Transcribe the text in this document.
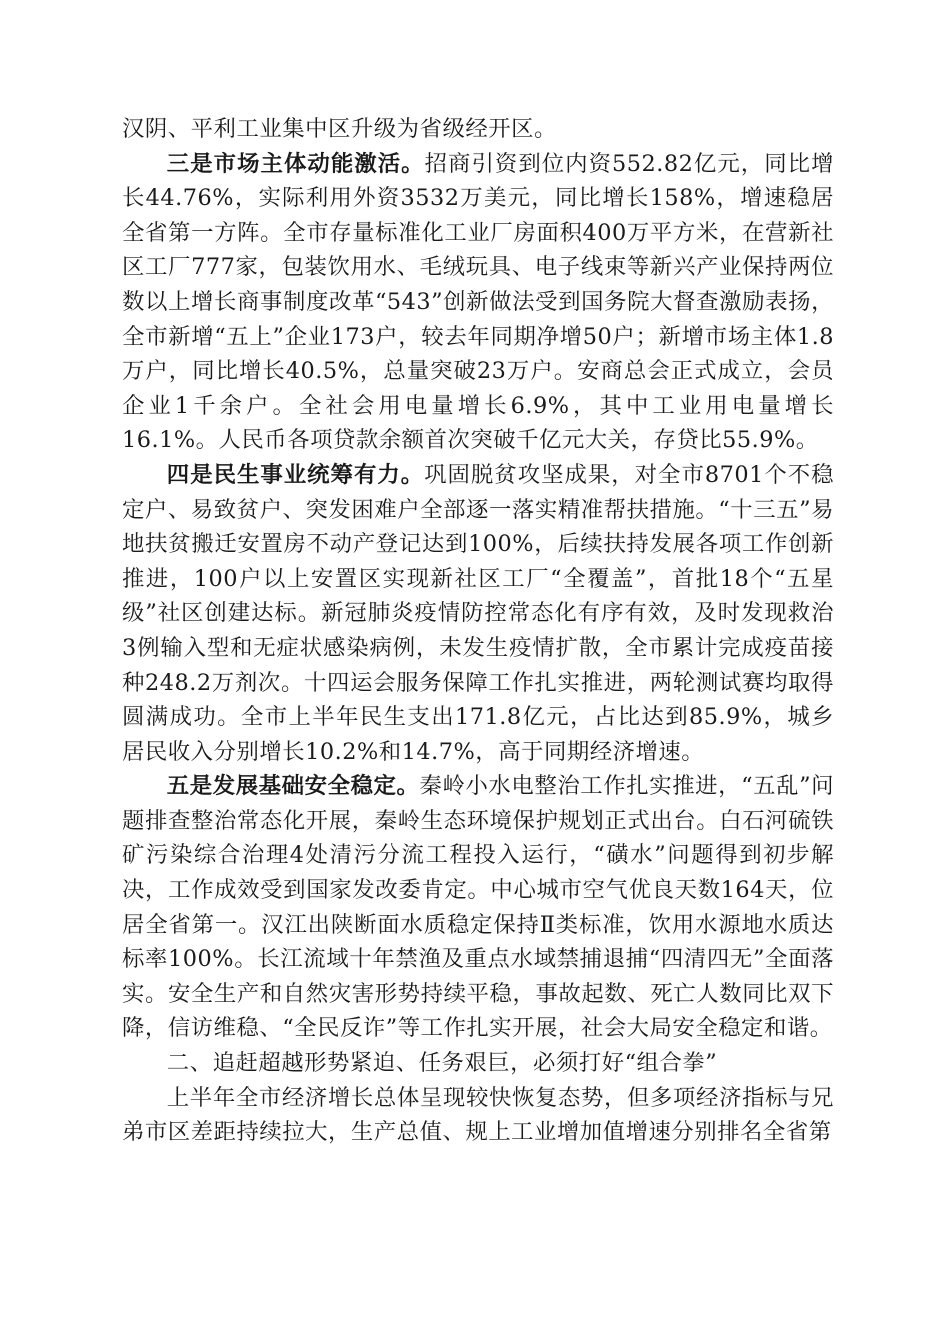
汉阴、平利工业集中区升级为省级经开区。

三是市场主体动能激活。招商引资到位内资552.82亿元，同比增长44.76%，实际利用外资3532万美元，同比增长158%，增速稳居全省第一方阵。全市存量标准化工业厂房面积400万平方米，在营新社区工厂777家，包装饮用水、毛绒玩具、电子线束等新兴产业保持两位数以上增长商事制度改革“543”创新做法受到国务院大督查激励表扬，全市新增“五上”企业173户，较去年同期净增50户；新增市场主体1.8万户，同比增长40.5%，总量突破23万户。安商总会正式成立，会员企业1千余户。全社会用电量增长6.9%，其中工业用电量增长16.1%。人民币各项贷款余额首次突破千亿元大关，存贷比55.9%。

四是民生事业统筹有力。巩固脱贫攻坚成果，对全市8701个不稳定户、易致贫户、突发困难户全部逐一落实精准帮扶措施。“十三五”易地扶贫搬迁安置房不动产登记达到100%，后续扶持发展各项工作创新推进，100户以上安置区实现新社区工厂“全覆盖”，首批18个“五星级”社区创建达标。新冠肺炎疫情防控常态化有序有效，及时发现救治3例输入型和无症状感染病例，未发生疫情扩散，全市累计完成疫苗接种248.2万剂次。十四运会服务保障工作扎实推进，两轮测试赛均取得圆满成功。全市上半年民生支出171.8亿元，占比达到85.9%，城乡居民收入分别增长10.2%和14.7%，高于同期经济增速。

五是发展基础安全稳定。秦岭小水电整治工作扎实推进，“五乱”问题排查整治常态化开展，秦岭生态环境保护规划正式出台。白石河硫铁矿污染综合治理4处清污分流工程投入运行，“磺水”问题得到初步解决，工作成效受到国家发改委肯定。中心城市空气优良天数164天，位居全省第一。汉江出陕断面水质稳定保持Ⅱ类标准，饮用水源地水质达标率100%。长江流域十年禁渔及重点水域禁捕退捕“四清四无”全面落实。安全生产和自然灾害形势持续平稳，事故起数、死亡人数同比双下降，信访维稳、“全民反诈”等工作扎实开展，社会大局安全稳定和谐。

二、追赶超越形势紧迫、任务艰巨，必须打好“组合拳”

上半年全市经济增长总体呈现较快恢复态势，但多项经济指标与兄弟市区差距持续拉大，生产总值、规上工业增加值增速分别排名全省第
